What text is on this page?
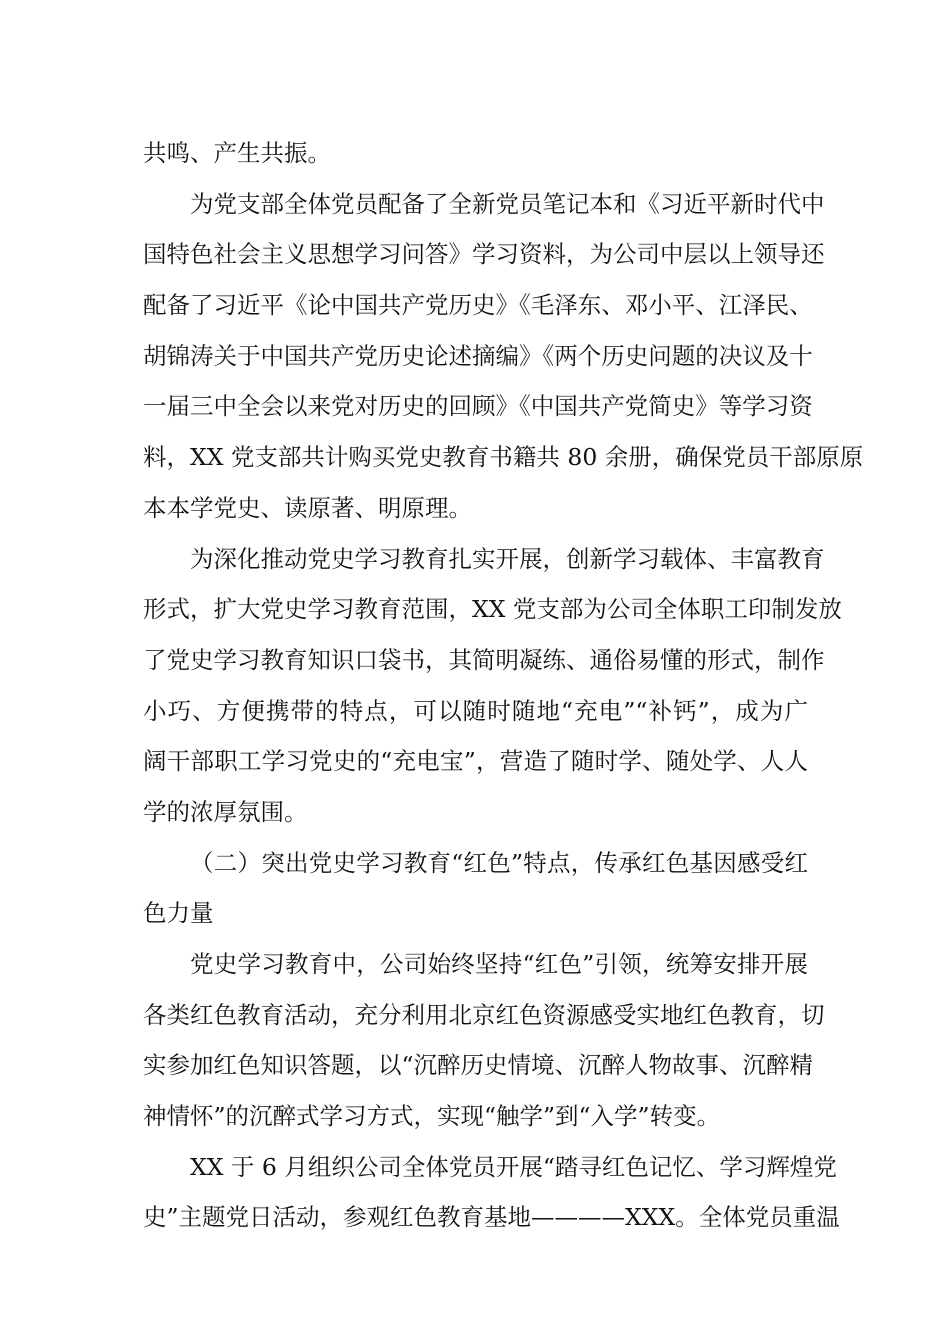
共鸣、产生共振。
为党支部全体党员配备了全新党员笔记本和《习近平新时代中
国特色社会主义思想学习问答》学习资料，为公司中层以上领导还
配备了习近平《论中国共产党历史》《毛泽东、邓小平、江泽民、
胡锦涛关于中国共产党历史论述摘编》《两个历史问题的决议及十
一届三中全会以来党对历史的回顾》《中国共产党简史》等学习资
料，XX 党支部共计购买党史教育书籍共 80 余册，确保党员干部原原
本本学党史、读原著、明原理。
为深化推动党史学习教育扎实开展，创新学习载体、丰富教育
形式，扩大党史学习教育范围，XX 党支部为公司全体职工印制发放
了党史学习教育知识口袋书，其简明凝练、通俗易懂的形式，制作
小巧、方便携带的特点，可以随时随地“充电”“补钙”，成为广
阔干部职工学习党史的“充电宝”，营造了随时学、随处学、人人
学的浓厚氛围。
（二）突出党史学习教育“红色”特点，传承红色基因感受红
色力量
党史学习教育中，公司始终坚持“红色”引领，统筹安排开展
各类红色教育活动，充分利用北京红色资源感受实地红色教育，切
实参加红色知识答题，以“沉醉历史情境、沉醉人物故事、沉醉精
神情怀”的沉醉式学习方式，实现“触学”到“入学”转变。
XX 于 6 月组织公司全体党员开展“踏寻红色记忆、学习辉煌党
史”主题党日活动，参观红色教育基地————XXX。全体党员重温
